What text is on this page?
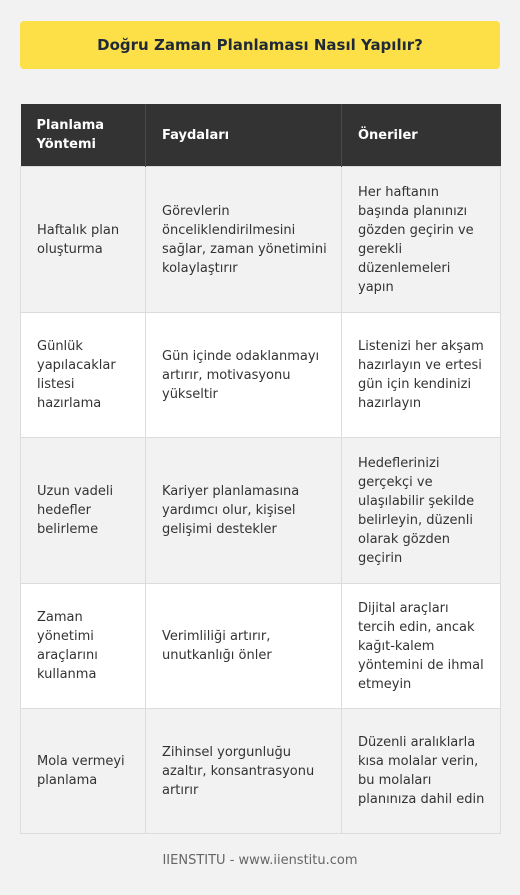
Doğru Zaman Planlaması Nasıl Yapılır?
Planlama Yöntemi	Faydaları	Öneriler
Haftalık plan oluşturma	Görevlerin önceliklendirilmesini sağlar, zaman yönetimini kolaylaştırır	Her haftanın başında planınızı gözden geçirin ve gerekli düzenlemeleri yapın
Günlük yapılacaklar listesi hazırlama	Gün içinde odaklanmayı artırır, motivasyonu yükseltir	Listenizi her akşam hazırlayın ve ertesi gün için kendinizi hazırlayın
Uzun vadeli hedefler belirleme	Kariyer planlamasına yardımcı olur, kişisel gelişimi destekler	Hedeflerinizi gerçekçi ve ulaşılabilir şekilde belirleyin, düzenli olarak gözden geçirin
Zaman yönetimi araçlarını kullanma	Verimliliği artırır, unutkanlığı önler	Dijital araçları tercih edin, ancak kağıt-kalem yöntemini de ihmal etmeyin
Mola vermeyi planlama	Zihinsel yorgunluğu azaltır, konsantrasyonu artırır	Düzenli aralıklarla kısa molalar verin, bu molaları planınıza dahil edin
IIENSTITU - www.iienstitu.com
